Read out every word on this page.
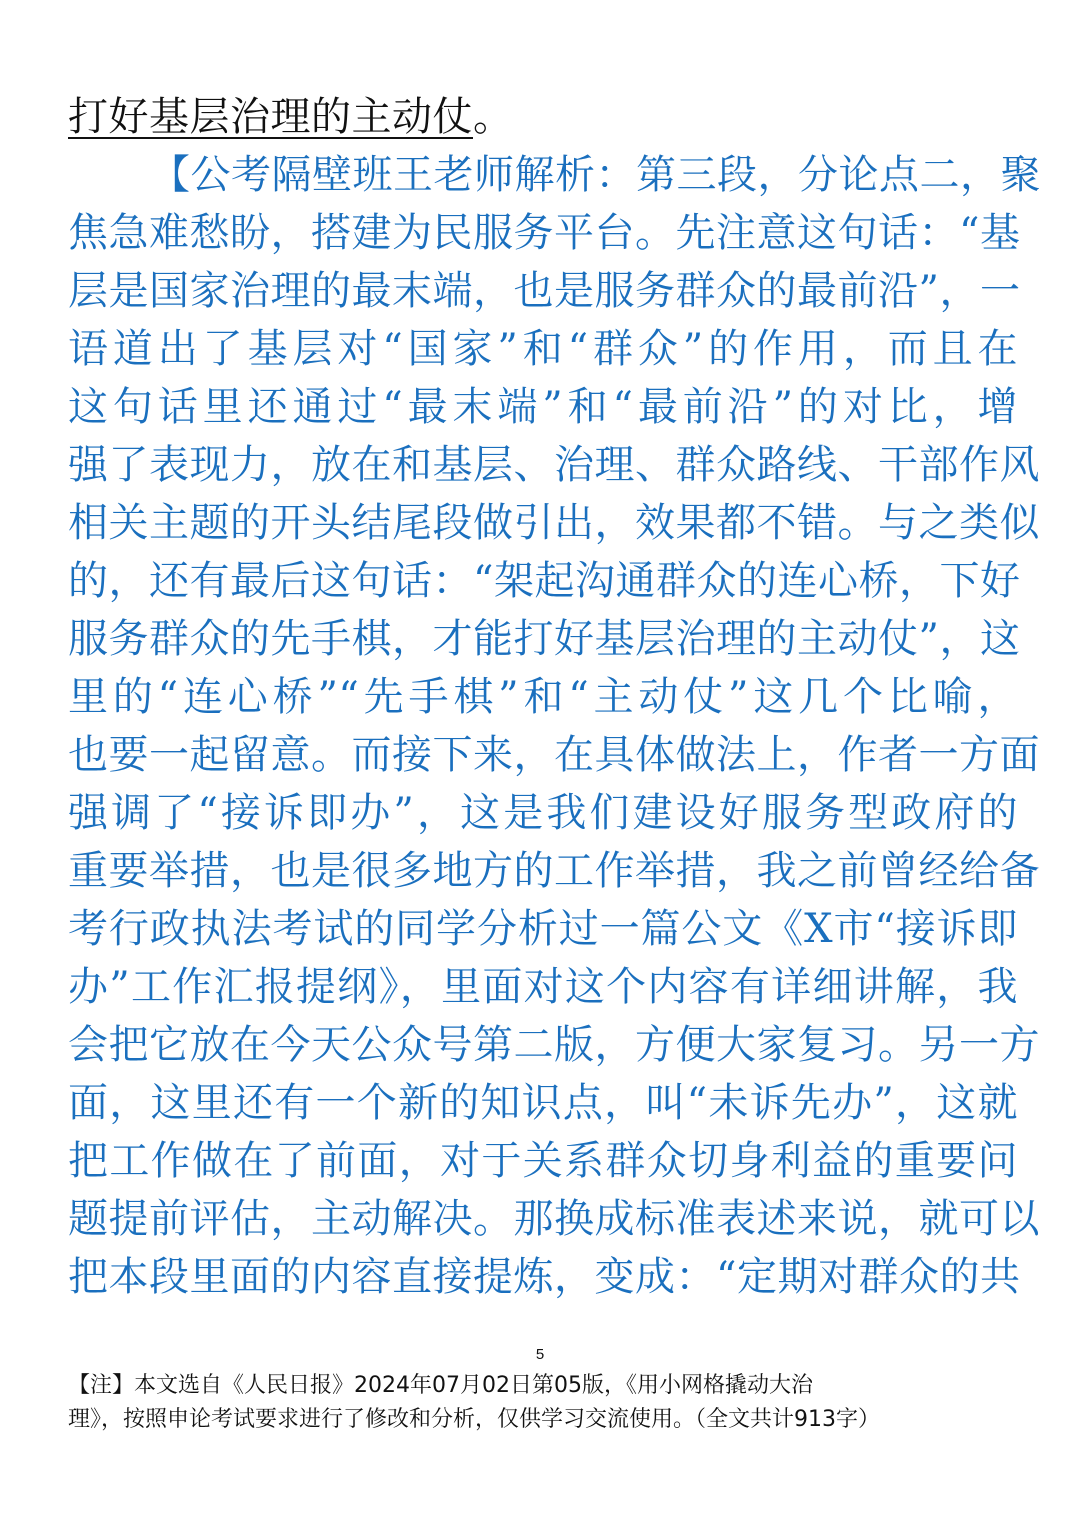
打好基层治理的主动仗。
【公考隔壁班王老师解析：第三段，分论点二，聚
焦急难愁盼，搭建为民服务平台。先注意这句话：“基
层是国家治理的最末端，也是服务群众的最前沿”，一
语道出了基层对“国家”和“群众”的作用，而且在
这句话里还通过“最末端”和“最前沿”的对比，增
强了表现力，放在和基层、治理、群众路线、干部作风
相关主题的开头结尾段做引出，效果都不错。与之类似
的，还有最后这句话：“架起沟通群众的连心桥，下好
服务群众的先手棋，才能打好基层治理的主动仗”，这
里的“连心桥”“先手棋”和“主动仗”这几个比喻，
也要一起留意。而接下来，在具体做法上，作者一方面
强调了“接诉即办”，这是我们建设好服务型政府的
重要举措，也是很多地方的工作举措，我之前曾经给备
考行政执法考试的同学分析过一篇公文《X市“接诉即
办”工作汇报提纲》，里面对这个内容有详细讲解，我
会把它放在今天公众号第二版，方便大家复习。另一方
面，这里还有一个新的知识点，叫“未诉先办”，这就
把工作做在了前面，对于关系群众切身利益的重要问
题提前评估，主动解决。那换成标准表述来说，就可以
把本段里面的内容直接提炼，变成：“定期对群众的共
5
【注】本文选自《人民日报》2024年07月02日第05版，《用小网格撬动大治
理》，按照申论考试要求进行了修改和分析，仅供学习交流使用。（全文共计913字）
